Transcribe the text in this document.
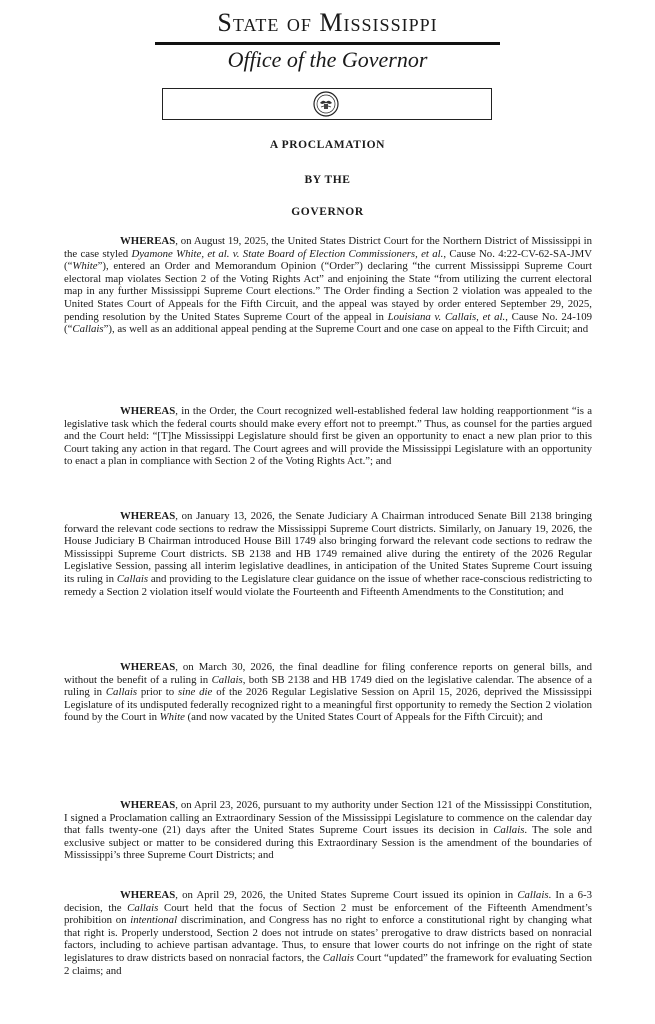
State of Mississippi
Office of the Governor
A PROCLAMATION
BY THE
GOVERNOR

WHEREAS, on August 19, 2025, the United States District Court for the Northern District of Mississippi in the case styled Dyamone White, et al. v. State Board of Election Commissioners, et al., Cause No. 4:22-CV-62-SA-JMV (“White”), entered an Order and Memorandum Opinion (“Order”) declaring “the current Mississippi Supreme Court electoral map violates Section 2 of the Voting Rights Act” and enjoining the State “from utilizing the current electoral map in any further Mississippi Supreme Court elections.” The Order finding a Section 2 violation was appealed to the United States Court of Appeals for the Fifth Circuit, and the appeal was stayed by order entered September 29, 2025, pending resolution by the United States Supreme Court of the appeal in Louisiana v. Callais, et al., Cause No. 24-109 (“Callais”), as well as an additional appeal pending at the Supreme Court and one case on appeal to the Fifth Circuit; and

WHEREAS, in the Order, the Court recognized well-established federal law holding reapportionment “is a legislative task which the federal courts should make every effort not to preempt.” Thus, as counsel for the parties argued and the Court held: “[T]he Mississippi Legislature should first be given an opportunity to enact a new plan prior to this Court taking any action in that regard. The Court agrees and will provide the Mississippi Legislature with an opportunity to enact a plan in compliance with Section 2 of the Voting Rights Act.”; and

WHEREAS, on January 13, 2026, the Senate Judiciary A Chairman introduced Senate Bill 2138 bringing forward the relevant code sections to redraw the Mississippi Supreme Court districts. Similarly, on January 19, 2026, the House Judiciary B Chairman introduced House Bill 1749 also bringing forward the relevant code sections to redraw the Mississippi Supreme Court districts. SB 2138 and HB 1749 remained alive during the entirety of the 2026 Regular Legislative Session, passing all interim legislative deadlines, in anticipation of the United States Supreme Court issuing its ruling in Callais and providing to the Legislature clear guidance on the issue of whether race-conscious redistricting to remedy a Section 2 violation itself would violate the Fourteenth and Fifteenth Amendments to the Constitution; and

WHEREAS, on March 30, 2026, the final deadline for filing conference reports on general bills, and without the benefit of a ruling in Callais, both SB 2138 and HB 1749 died on the legislative calendar. The absence of a ruling in Callais prior to sine die of the 2026 Regular Legislative Session on April 15, 2026, deprived the Mississippi Legislature of its undisputed federally recognized right to a meaningful first opportunity to remedy the Section 2 violation found by the Court in White (and now vacated by the United States Court of Appeals for the Fifth Circuit); and

WHEREAS, on April 23, 2026, pursuant to my authority under Section 121 of the Mississippi Constitution, I signed a Proclamation calling an Extraordinary Session of the Mississippi Legislature to commence on the calendar day that falls twenty-one (21) days after the United States Supreme Court issues its decision in Callais. The sole and exclusive subject or matter to be considered during this Extraordinary Session is the amendment of the boundaries of Mississippi’s three Supreme Court Districts; and

WHEREAS, on April 29, 2026, the United States Supreme Court issued its opinion in Callais. In a 6-3 decision, the Callais Court held that the focus of Section 2 must be enforcement of the Fifteenth Amendment’s prohibition on intentional discrimination, and Congress has no right to enforce a constitutional right by changing what that right is. Properly understood, Section 2 does not intrude on states’ prerogative to draw districts based on nonracial factors, including to achieve partisan advantage. Thus, to ensure that lower courts do not infringe on the right of state legislatures to draw districts based on nonracial factors, the Callais Court “updated” the framework for evaluating Section 2 claims; and
